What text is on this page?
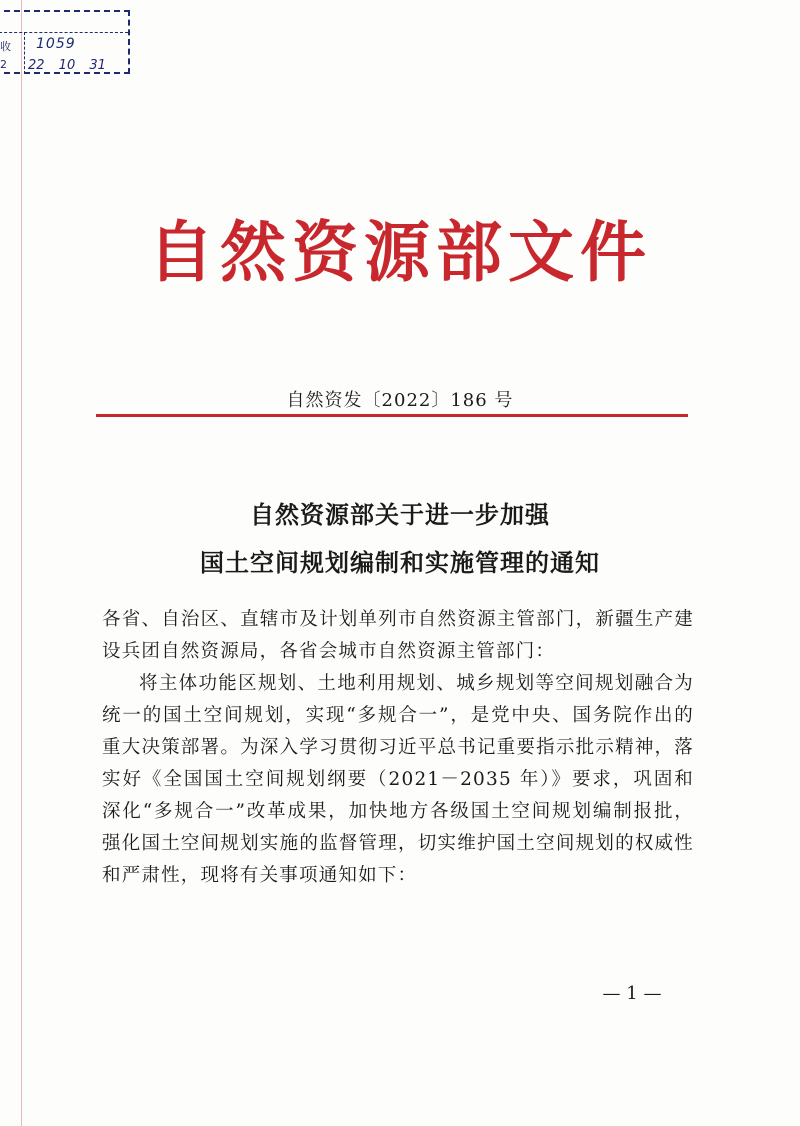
收
2
1059
22 10 31
自然资源部文件
自然资发〔2022〕186 号
自然资源部关于进一步加强
国土空间规划编制和实施管理的通知

各省、自治区、直辖市及计划单列市自然资源主管部门，新疆生产建设兵团自然资源局，各省会城市自然资源主管部门：

将主体功能区规划、土地利用规划、城乡规划等空间规划融合为统一的国土空间规划，实现“多规合一”，是党中央、国务院作出的重大决策部署。为深入学习贯彻习近平总书记重要指示批示精神，落实好《全国国土空间规划纲要（2021－2035 年）》要求，巩固和深化“多规合一”改革成果，加快地方各级国土空间规划编制报批，强化国土空间规划实施的监督管理，切实维护国土空间规划的权威性和严肃性，现将有关事项通知如下：

— 1 —
